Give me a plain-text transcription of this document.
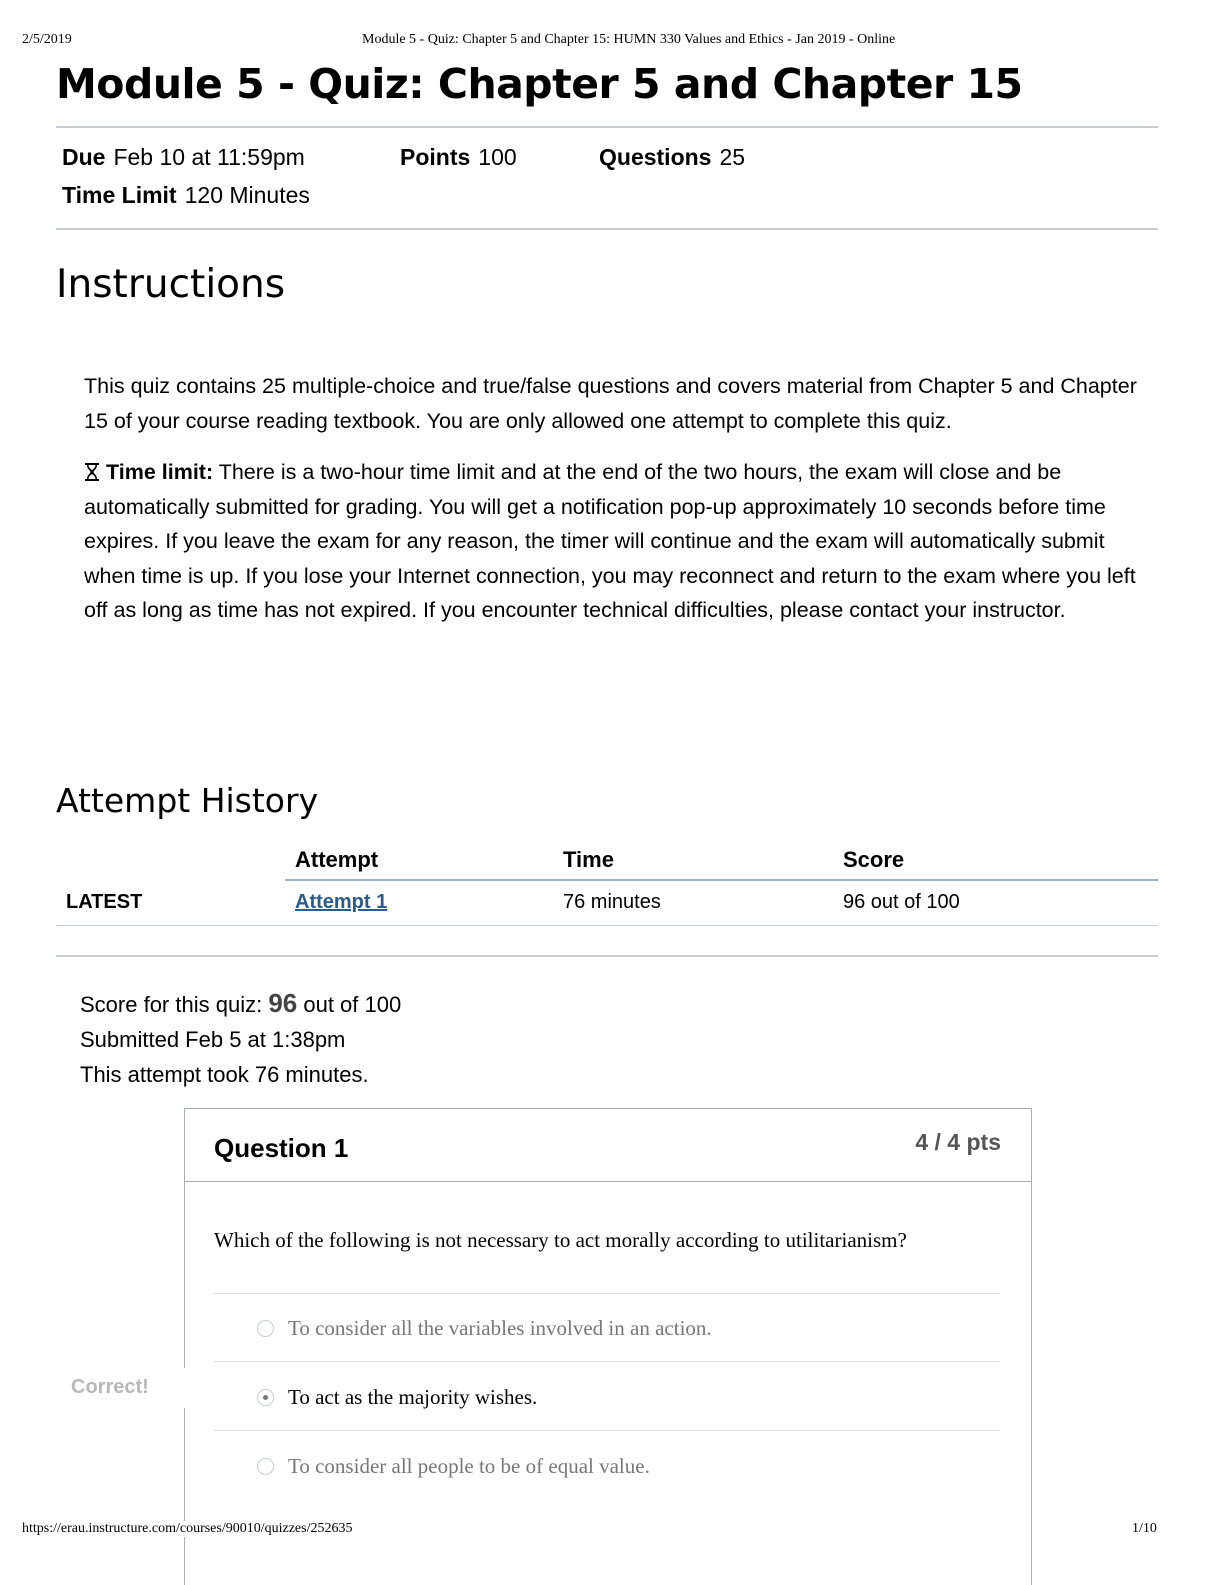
2/5/2019	Module 5 - Quiz: Chapter 5 and Chapter 15: HUMN 330 Values and Ethics - Jan 2019 - Online
Module 5 - Quiz: Chapter 5 and Chapter 15
Due Feb 10 at 11:59pm	Points 100	Questions 25
Time Limit 120 Minutes
Instructions

This quiz contains 25 multiple-choice and true/false questions and covers material from Chapter 5 and Chapter 15 of your course reading textbook. You are only allowed one attempt to complete this quiz.

Time limit: There is a two-hour time limit and at the end of the two hours, the exam will close and be automatically submitted for grading. You will get a notification pop-up approximately 10 seconds before time expires. If you leave the exam for any reason, the timer will continue and the exam will automatically submit when time is up. If you lose your Internet connection, you may reconnect and return to the exam where you left off as long as time has not expired. If you encounter technical difficulties, please contact your instructor.

Attempt History
	Attempt	Time	Score
LATEST	Attempt 1	76 minutes	96 out of 100
Score for this quiz: 96 out of 100
Submitted Feb 5 at 1:38pm
This attempt took 76 minutes.
Correct!
Question 1	4 / 4 pts
Which of the following is not necessary to act morally according to utilitarianism?
To consider all the variables involved in an action.
To act as the majority wishes.
To consider all people to be of equal value.
https://erau.instructure.com/courses/90010/quizzes/252635	1/10
